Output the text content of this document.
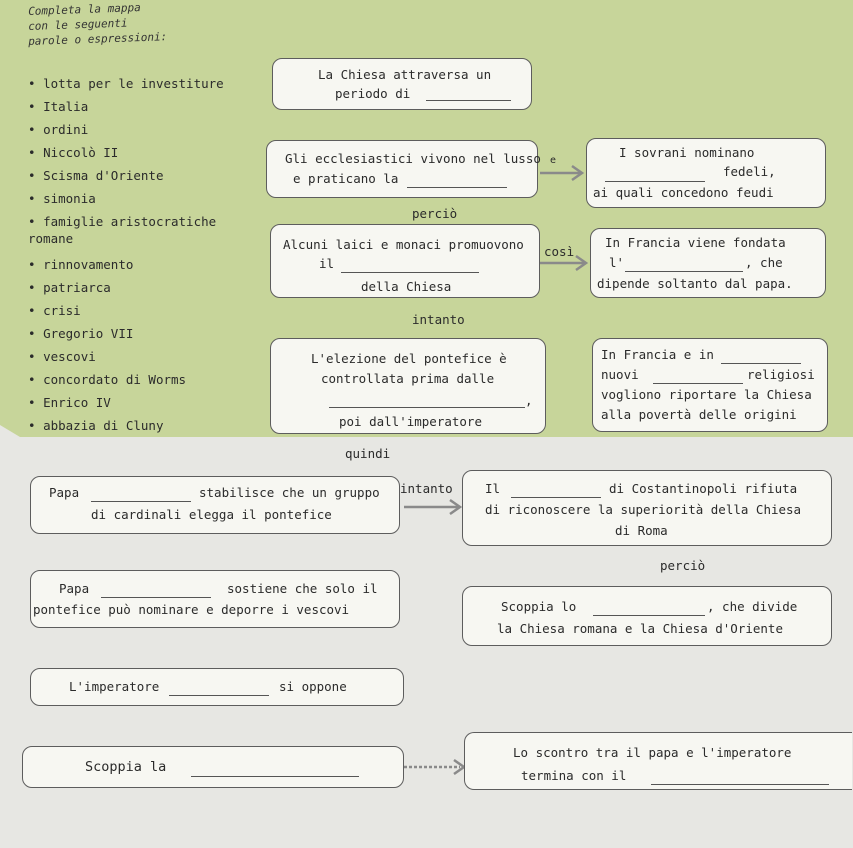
Completa la mappa
con le seguenti
parole o espressioni:
• lotta per le investiture
• Italia
• ordini
• Niccolò II
• Scisma d'Oriente
• simonia
• famiglie aristocratiche romane
• rinnovamento
• patriarca
• crisi
• Gregorio VII
• vescovi
• concordato di Worms
• Enrico IV
• abbazia di Cluny
La Chiesa attraversa un
periodo di
Gli ecclesiastici vivono nel lusso
e praticano la
e
I sovrani nominano
fedeli,
ai quali concedono feudi
perciò
Alcuni laici e monaci promuovono
il
della Chiesa
così
In Francia viene fondata
l'	, che
dipende soltanto dal papa.
intanto
L'elezione del pontefice è
controllata prima dalle
,
poi dall'imperatore
In Francia e in
nuovi	religiosi
vogliono riportare la Chiesa
alla povertà delle origini
quindi
Papa	stabilisce che un gruppo
di cardinali elegga il pontefice
intanto	Il	di Costantinopoli rifiuta
di riconoscere la superiorità della Chiesa
di Roma
perciò
Papa	sostiene che solo il
pontefice può nominare e deporre i vescovi	Scoppia lo	, che divide
la Chiesa romana e la Chiesa d'Oriente
L'imperatore	si oppone
Scoppia la
Lo scontro tra il papa e l'imperatore
termina con il
